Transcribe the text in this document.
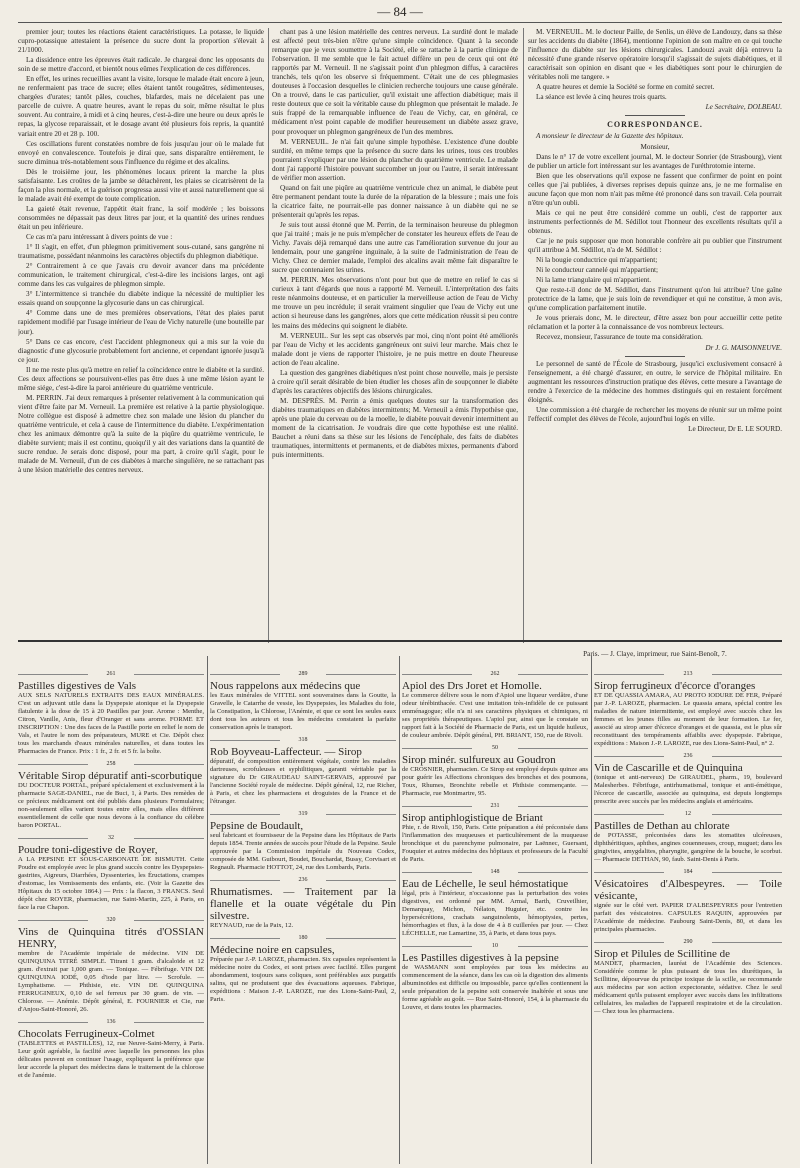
— 84 —

premier jour; toutes les réactions étaient caractéristiques. La potasse, le liquide cupro-potassique attestaient la présence du sucre dont la proportion s'élevait à 21/1000.

La dissidence entre les épreuves était radicale. Je chargeai donc les opposants du soin de se mettre d'accord, et bientôt nous eûmes l'explication de ces différences.

En effet, les urines recueillies avant la visite, lorsque le malade était encore à jeun, ne renfermaient pas trace de sucre; elles étaient tantôt rougeâtres, sédimenteuses, chargées d'urates; tantôt pâles, couches, blafardes, mais ne décelaient pas une parcelle de cuivre. A quatre heures, avant le repas du soir, même résultat le plus souvent. Au contraire, à midi et à cinq heures, c'est-à-dire une heure ou deux après le repas, la glycose reparaissait, et le dosage avant été plusieurs fois repris, la quantité variait entre 20 et 28 p. 100.

Ces oscillations furent constatées nombre de fois jusqu'au jour où le malade fut envoyé en convalescence. Toutefois je dirai que, sans disparaître entièrement, le sucre diminua très-notablement sous l'influence du régime et des alcalins.

Dès le troisième jour, les phénomènes locaux prirent la marche la plus satisfaisante. Les croûtes de la jambe se détachèrent, les plaies se cicatrisèrent de la façon la plus normale, et la guérison progressa aussi vite et aussi naturellement que si le malade avait été exempt de toute complication.

La gaieté était revenue, l'appétit était franc, la soif modérée ; les boissons consommées ne dépassait pas deux litres par jour, et la quantité des urines rendues était un peu inférieure.

Ce cas m'a paru intéressant à divers points de vue :

1° Il s'agit, en effet, d'un phlegmon primitivement sous-cutané, sans gangrène ni traumatisme, possédant néanmoins les caractères objectifs du phlegmon diabétique.

2° Contrairement à ce que j'avais cru devoir avancer dans ma précédente communication, le traitement chirurgical, c'est-à-dire les incisions larges, ont agi comme dans les cas vulgaires de phlegmon simple.

3° L'intermittence si tranchée du diabète indique la nécessité de multiplier les essais quand on soupçonne la glycosurie dans un cas chirurgical.

4° Comme dans une de mes premières observations, l'état des plaies parut rapidement modifié par l'usage intérieur de l'eau de Vichy naturelle (une bouteille par jour).

5° Dans ce cas encore, c'est l'accident phlegmoneux qui a mis sur la voie du diagnostic d'une glycosurie probablement fort ancienne, et cependant ignorée jusqu'à ce jour.

Il ne me reste plus qu'à mettre en relief la coïncidence entre le diabète et la surdité. Ces deux affections se poursuivent-elles pas être dues à une même lésion ayant le même siége, c'est-à-dire la paroi antérieure du quatrième ventricule.

M. PERRIN. J'ai deux remarques à présenter relativement à la communication qui vient d'être faite par M. Verneuil. La première est relative à la partie physiologique. Notre collègue est disposé à admettre chez son malade une lésion du plancher du quatrième ventricule, et cela à cause de l'intermittence du diabète. L'expérimentation chez les animaux démontre qu'à la suite de la piqûre du quatrième ventricule, le diabète survient; mais il est continu, quoiqu'il y ait des variations dans la quantité de sucre rendue. Je serais donc disposé, pour ma part, à croire qu'il s'agit, pour le malade de M. Verneuil, d'un de ces diabètes à marche singulière, ne se rattachant pas à une lésion matérielle des centres nerveux.

chant pas à une lésion matérielle des centres nerveux. La surdité dont le malade est affecté peut très-bien n'être qu'une simple coïncidence. Quant à la seconde remarque que je veux soumettre à la Société, elle se rattache à la partie clinique de l'observation. Il me semble que le fait actuel diffère un peu de ceux qui ont été rapportés par M. Verneuil. Il ne s'agissait point d'un phlegmon diffus, à caractères tranchés, tels qu'on les observe si fréquemment. C'était une de ces phlegmasies douteuses à l'occasion desquelles le clinicien recherche toujours une cause générale. On a trouvé, dans le cas particulier, qu'il existait une affection diabétique; mais il reste douteux que ce soit la véritable cause du phlegmon que présentait le malade. Je suis frappé de la remarquable influence de l'eau de Vichy, car, en général, ce médicament n'est point capable de modifier heureusement un diabète assez grave, pour provoquer un phlegmon gangréneux de l'un des membres.

M. VERNEUIL. Je n'ai fait qu'une simple hypothèse. L'existence d'une double surdité, en même temps que la présence du sucre dans les urines, tous ces troubles pourraient s'expliquer par une lésion du plancher du quatrième ventricule. Le malade dont j'ai rapporté l'histoire pouvant succomber un jour ou l'autre, il serait intéressant de vérifier mon assertion.

Quand on fait une piqûre au quatrième ventricule chez un animal, le diabète peut être permanent pendant toute la durée de la réparation de la blessure ; mais une fois la cicatrice faite, ne pourrait-elle pas donner naissance à un diabète qui ne se présenterait qu'après les repas.

Je suis tout aussi étonné que M. Perrin, de la terminaison heureuse du phlegmon que j'ai traité ; mais je ne puis m'empêcher de constater les heureux effets de l'eau de Vichy. J'avais déjà remarqué dans une autre cas l'amélioration survenue du jour au lendemain, pour une gangrène inguinale, à la suite de l'administration de l'eau de Vichy. Chez ce dernier malade, l'emploi des alcalins avait même fait disparaître le sucre que contenaient les urines.

M. PERRIN. Mes observations n'ont pour but que de mettre en relief le cas si curieux à tant d'égards que nous a rapporté M. Verneuil. L'interprétation des faits reste néanmoins douteuse, et en particulier la merveilleuse action de l'eau de Vichy me trouve un peu incrédule; il serait vraiment singulier que l'eau de Vichy eut une action si heureuse dans les gangrènes, alors que cette médication réussit si peu contre les mains des médecins qui soignent le diabète.

M. VERNEUIL. Sur les sept cas observés par moi, cinq n'ont point été améliorés par l'eau de Vichy et les accidents gangréneux ont suivi leur marche. Mais chez le malade dont je viens de rapporter l'histoire, je ne puis mettre en doute l'heureuse action de l'eau alcaline.

La question des gangrènes diabétiques n'est point chose nouvelle, mais je persiste à croire qu'il serait désirable de bien étudier les choses afin de soupçonner le diabète d'après les caractères objectifs des lésions chirurgicales.

M. DESPRÈS. M. Perrin a émis quelques doutes sur la transformation des diabètes traumatiques en diabètes intermittents; M. Verneuil a émis l'hypothèse que, après une plaie du cerveau ou de la moelle, le diabète pouvait devenir intermittent au moment de la cicatrisation. Je voudrais dire que cette hypothèse est une réalité. Bauchet a réuni dans sa thèse sur les lésions de l'encéphale, des faits de diabètes traumatiques, intermittents et permanents, et de diabètes mixtes, permanents d'abord puis intermittents.

M. VERNEUIL. M. le docteur Paille, de Senlis, un élève de Landouzy, dans sa thèse sur les accidents du diabète (1864), mentionne l'opinion de son maître en ce qui touche l'influence du diabète sur les lésions chirurgicales. Landouzi avait déjà entrevu la nécessité d'une grande réserve opératoire lorsqu'il s'agissait de sujets diabétiques, et il caractérisait son opinion en disant que « les diabétiques sont pour le chirurgien de véritables noli me tangere. »

A quatre heures et demie la Société se forme en comité secret.

La séance est levée à cinq heures trois quarts.

Le Secrétaire, DOLBEAU.

CORRESPONDANCE.

A monsieur le directeur de la Gazette des hôpitaux.

Monsieur,

Dans le n° 17 de votre excellent journal, M. le docteur Sonrier (de Strasbourg), vient de publier un article fort intéressant sur les avantages de l'uréthrotomie interne.

Bien que les observations qu'il expose ne fassent que confirmer de point en point celles que j'ai publiées, à diverses reprises depuis quinze ans, je ne me formalise en aucune façon que mon nom n'ait pas même été prononcé dans son travail. Cela pourrait n'être qu'un oubli.

Mais ce qui ne peut être considéré comme un oubli, c'est de rapporter aux instruments perfectionnés de M. Sédillot tout l'honneur des excellents résultats qu'il a obtenus.

Car je ne puis supposer que mon honorable confrère ait pu oublier que l'instrument qu'il attribue à M. Sédillot, n'a de M. Sédillot :

Ni la bougie conductrice qui m'appartient;

Ni le conducteur cannelé qui m'appartient;

Ni la lame triangulaire qui m'appartient.

Que reste-t-il donc de M. Sédillot, dans l'instrument qu'on lui attribue? Une gaîne protectrice de la lame, que je suis loin de revendiquer et qui ne constitue, à mon avis, qu'une complication parfaitement inutile.

Je vous prierais donc, M. le directeur, d'être assez bon pour accueillir cette petite réclamation et la porter à la connaissance de vos nombreux lecteurs.

Recevez, monsieur, l'assurance de toute ma considération.

Dr J. G. MAISONNEUVE.

Le personnel de santé de l'École de Strasbourg, jusqu'ici exclusivement consacré à l'enseignement, a été chargé d'assurer, en outre, le service de l'hôpital militaire. En augmentant les ressources d'instruction pratique des élèves, cette mesure a l'avantage de rendre à l'exercice de la médecine des hommes distingués qui en restaient forcément éloignés.

Une commission a été chargée de rechercher les moyens de réunir sur un même point l'effectif complet des élèves de l'école, aujourd'hui logés en ville.

Le Directeur, Dr E. LE SOURD.

Paris. — J. Claye, imprimeur, rue Saint-Benoît, 7.
261

Pastilles digestives de Vals

AUX SELS NATURELS EXTRAITS DES EAUX MINÉRALES. C'est un adjuvant utile dans la Dyspepsie atonique et la Dyspepsie flatulente à la dose de 15 à 20 Pastilles par jour. Arome : Menthe, Citron, Vanille, Anis, fleur d'Oranger et sans arome. FORME ET INSCRIPTION : Une des faces de la Pastille porte en relief le nom de Vals, et l'autre le nom des préparateurs, MURE et Cie. Dépôt chez tous les marchands d'eaux minérales naturelles, et dans toutes les Pharmacies de France. Prix : 1 fr., 2 fr. et 5 fr. la boîte.

258

Véritable Sirop dépuratif anti-scorbutique

DU DOCTEUR PORTAL, préparé spécialement et exclusivement à la pharmacie SAGE-DANIEL, rue de Buci, 1, à Paris. Des remèdes de ce précieux médicament ont été publiés dans plusieurs Formulaires; non-seulement elles varient toutes entre elles, mais elles diffèrent essentiellement de celle que nous devons à la confiance du célèbre baron PORTAL.

32

Poudre toni-digestive de Royer,

A LA PEPSINE ET SOUS-CARBONATE DE BISMUTH. Cette Poudre est employée avec le plus grand succès contre les Dyspepsies-gastrites, Aigreurs, Diarrhées, Dyssenteries, les Éructations, crampes d'estomac, les Vomissements des enfants, etc. (Voir la Gazette des Hôpitaux du 15 octobre 1864.) — Prix : la flacon, 3 FRANCS. Seul dépôt chez ROYER, pharmacien, rue Saint-Martin, 225, à Paris, en face la rue Chapon.

320

Vins de Quinquina titrés d'OSSIAN HENRY,

membre de l'Académie impériale de médecine. VIN DE QUINQUINA TITRÉ SIMPLE. Titrant 1 gram. d'alcaloïde et 12 gram. d'extrait par 1,000 gram. — Tonique. — Fébrifuge. VIN DE QUINQUINA IODÉ, 0,05 d'iode par litre. — Scrofule. — Lymphatisme. — Phthisie, etc. VIN DE QUINQUINA FERRUGINEUX, 0,10 de sel ferreux par 30 gram. de vin. — Chlorose. — Anémie. Dépôt général, E. FOURNIER et Cie, rue d'Anjou-Saint-Honoré, 26.

136

Chocolats Ferrugineux-Colmet

(TABLETTES et PASTILLES), 12, rue Neuve-Saint-Merry, à Paris. Leur goût agréable, la facilité avec laquelle les personnes les plus délicates peuvent en continuer l'usage, expliquent la préférence que leur accorde la plupart des médecins dans le traitement de la chlorose et de l'anémie.

289

Nous rappelons aux médecins que

les Eaux minérales de VITTEL sont souveraines dans la Goutte, la Gravelle, le Catarrhe de vessie, les Dyspepsies, les Maladies du foie, la Constipation, la Chlorose, l'Anémie, et que ce sont les seules eaux dont tous les auteurs et tous les médecins constatent la parfaite conservation après le transport.

318

Rob Boyveau-Laffecteur. — Sirop

dépuratif, de composition entièrement végétale, contre les maladies dartreuses, scrofuleuses et syphilitiques, garanti véritable par la signature du Dr GIRAUDEAU SAINT-GERVAIS, approuvé par l'ancienne Société royale de médecine. Dépôt général, 12, rue Richer, à Paris, et chez les pharmaciens et droguistes de la France et de l'étranger.

319

Pepsine de Boudault,

seul fabricant et fournisseur de la Pepsine dans les Hôpitaux de Paris depuis 1854. Trente années de succès pour l'étude de la Pepsine. Seule approuvée par la Commission impériale du Nouveau Codex, composée de MM. Guibourt, Boudet, Bouchardat, Bussy, Corvisart et Regnault. Pharmacie HOTTOT, 24, rue des Lombards, Paris.

236

Rhumatismes. — Traitement par la flanelle et la ouate végétale du Pin silvestre.

REYNAUD, rue de la Paix, 12.

180

Médecine noire en capsules,

Préparée par J.-P. LAROZE, pharmacien. Six capsules représentent la médecine noire du Codex, et sont prises avec facilité. Elles purgent abondamment, toujours sans coliques, sont préférables aux purgatifs salins, qui ne produisent que des évacuations aqueuses. Fabrique, expéditions : Maison J.-P. LAROZE, rue des Lions-Saint-Paul, 2, Paris.

262

Apiol des Drs Joret et Homolle.

Le commerce délivre sous le nom d'Apiol une liqueur verdâtre, d'une odeur térébinthacée. C'est une imitation très-infidèle de ce puissant emménagogue; elle n'a ni ses caractères physiques et chimiques, ni ses propriétés thérapeutiques. L'apiol pur, ainsi que le constate un rapport fait à la Société de Pharmacie de Paris, est un liquide huileux, de couleur ambrée. Dépôt général, PH. BRIANT, 150, rue de Rivoli.

50

Sirop minér. sulfureux au Goudron

de CROSNIER, pharmacien. Ce Sirop est employé depuis quinze ans pour guérir les Affections chroniques des bronches et des poumons, Toux, Rhumes, Bronchite rebelle et Phthisie commençante. — Pharmacie, rue Montmartre, 95.

231

Sirop antiphlogistique de Briant

Phie, r. de Rivoli, 150, Paris. Cette préparation a été préconisée dans l'inflammation des muqueuses et particulièrement de la muqueuse bronchique et du parenchyme pulmonaire, par Laënnec, Guersant, Fouquier et autres médecins des hôpitaux et professeurs de la Faculté de Paris.

148

Eau de Léchelle, le seul hémostatique

légal, pris à l'intérieur, n'occasionne pas la perturbation des voies digestives, est ordonné par MM. Armal, Barth, Cruveilhier, Demarquay, Michon, Nélaton, Huguier, etc. contre les hypersécrétions, crachats sanguinolents, hémoptysies, pertes, hémorrhagies et flux, à la dose de 4 à 8 cuillerées par jour. — Chez LÉCHELLE, rue Lamartine, 35, à Paris, et dans tous pays.

10

Les Pastilles digestives à la pepsine

de WASMANN sont employées par tous les médecins au commencement de la séance, dans les cas où la digestion des aliments albuminoïdes est difficile ou impossible, parce qu'elles contiennent la seule préparation de la pepsine soit conservée inaltérée et sous une forme agréable au goût. — Rue Saint-Honoré, 154, à la pharmacie du Louvre, et dans toutes les pharmacies.

213

Sirop ferrugineux d'écorce d'oranges

ET DE QUASSIA AMARA, AU PROTO IODURE DE FER, Préparé par J.-P. LAROZE, pharmacien. Le quassia amara, spécial contre les maladies de nature intermittente, est employé avec succès chez les femmes et les jeunes filles au moment de leur formation. Le fer, associé au sirop amer d'écorce d'oranges et de quassia, est le plus sûr reconstituant des tempéraments affaiblis avec dyspepsie. Fabrique, expéditions : Maison J.-P. LAROZE, rue des Lions-Saint-Paul, n° 2.

236

Vin de Cascarille et de Quinquina

(tonique et anti-nerveux) De GIRAUDEL, pharm., 19, boulevard Malesherbes. Fébrifuge, antirhumatismal, tonique et anti-émétique, l'écorce de cascarille, associée au quinquina, est depuis longtemps prescrite avec succès par les médecins anglais et américains.

12

Pastilles de Dethan au chlorate

de POTASSE, préconisées dans les stomatites ulcéreuses, diphthéritiques, aphthes, angines couenneuses, croup, muguet; dans les gingivites, amygdalites, pharyngite, gangrène de la bouche, le scorbut. — Pharmacie DETHAN, 90, faub. Saint-Denis à Paris.

184

Vésicatoires d'Albespeyres. — Toile vésicante,

signée sur le côté vert. PAPIER D'ALBESPEYRES pour l'entretien parfait des vésicatoires. CAPSULES RAQUIN, approuvées par l'Académie de médecine. Faubourg Saint-Denis, 80, et dans les principales pharmacies.

290

Sirop et Pilules de Scillitine de

MANDET, pharmacien, lauréat de l'Académie des Sciences. Considérée comme le plus puissant de tous les diurétiques, la Scillitine, dépourvue du principe toxique de la scille, se recommande aux médecins par son action expectorante, sédative. Chez le seul médicament qu'ils puissent employer avec succès dans les infiltrations cellulaires, les maladies de l'appareil respiratoire et de la circulation. — Chez tous les pharmaciens.
